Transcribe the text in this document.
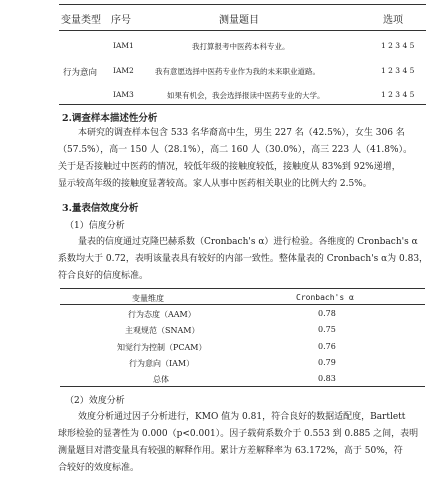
变量类型 序号	测量题目	选项
行为意向
IAM1	我打算报考中医药本科专业。	1 2 3 4 5
IAM2	我有意愿选择中医药专业作为我的未来职业道路。	1 2 3 4 5
IAM3	如果有机会，我会选择报读中医药专业的大学。	1 2 3 4 5
2.调查样本描述性分析
本研究的调查样本包含 533 名华裔高中生，男生 227 名（42.5%），女生 306 名
（57.5%），高一 150 人（28.1%），高二 160 人（30.0%），高三 223 人（41.8%）。
关于是否接触过中医药的情况，较低年级的接触度较低，接触度从 83%到 92%递增，
显示较高年级的接触度显著较高。家人从事中医药相关职业的比例大约 2.5%。
3.量表信效度分析
（1）信度分析
量表的信度通过克隆巴赫系数（Cronbach's α）进行检验。各维度的 Cronbach's α
系数均大于 0.72，表明该量表具有较好的内部一致性。整体量表的 Cronbach's α为 0.83，
符合良好的信度标准。
变量维度	Cronbach's α
行为态度（AAM）	0.78
主观规范（SNAM）	0.75
知觉行为控制（PCAM）	0.76
行为意向（IAM）	0.79
总体	0.83
（2）效度分析
效度分析通过因子分析进行，KMO 值为 0.81，符合良好的数据适配度，Bartlett
球形检验的显著性为 0.000（p<0.001）。因子载荷系数介于 0.553 到 0.885 之间，表明
测量题目对潜变量具有较强的解释作用。累计方差解释率为 63.172%，高于 50%，符
合较好的效度标准。
